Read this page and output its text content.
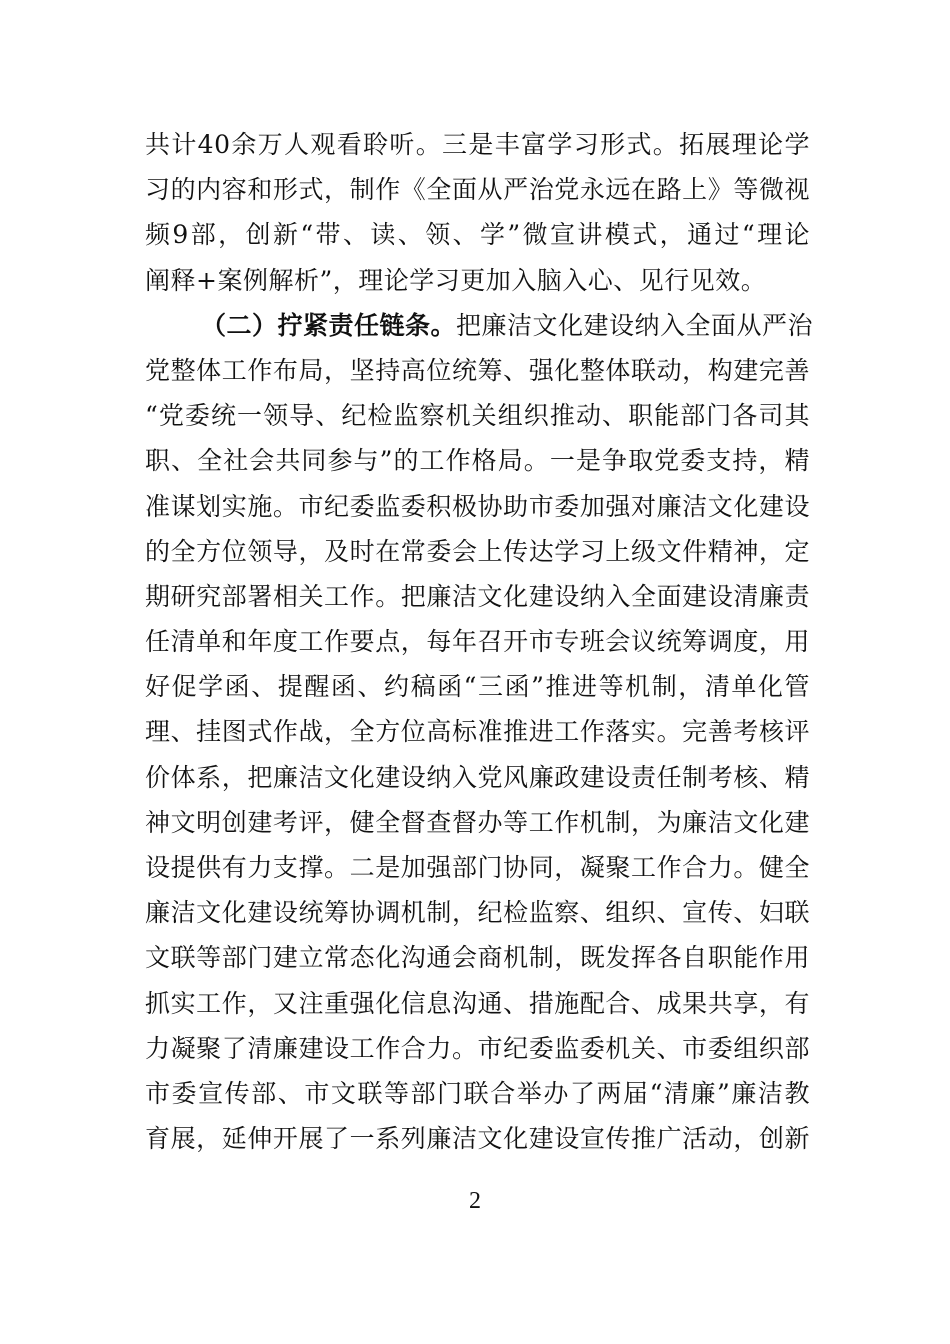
共计40余万人观看聆听。三是丰富学习形式。拓展理论学
习的内容和形式，制作《全面从严治党永远在路上》等微视
频9部，创新“带、读、领、学”微宣讲模式，通过“理论
阐释+案例解析”，理论学习更加入脑入心、见行见效。
（二）拧紧责任链条。把廉洁文化建设纳入全面从严治
党整体工作布局，坚持高位统筹、强化整体联动，构建完善
“党委统一领导、纪检监察机关组织推动、职能部门各司其
职、全社会共同参与”的工作格局。一是争取党委支持，精
准谋划实施。市纪委监委积极协助市委加强对廉洁文化建设
的全方位领导，及时在常委会上传达学习上级文件精神，定
期研究部署相关工作。把廉洁文化建设纳入全面建设清廉责
任清单和年度工作要点，每年召开市专班会议统筹调度，用
好促学函、提醒函、约稿函“三函”推进等机制，清单化管
理、挂图式作战，全方位高标准推进工作落实。完善考核评
价体系，把廉洁文化建设纳入党风廉政建设责任制考核、精
神文明创建考评，健全督查督办等工作机制，为廉洁文化建
设提供有力支撑。二是加强部门协同，凝聚工作合力。健全
廉洁文化建设统筹协调机制，纪检监察、组织、宣传、妇联
文联等部门建立常态化沟通会商机制，既发挥各自职能作用
抓实工作，又注重强化信息沟通、措施配合、成果共享，有
力凝聚了清廉建设工作合力。市纪委监委机关、市委组织部
市委宣传部、市文联等部门联合举办了两届“清廉”廉洁教
育展，延伸开展了一系列廉洁文化建设宣传推广活动，创新
2
